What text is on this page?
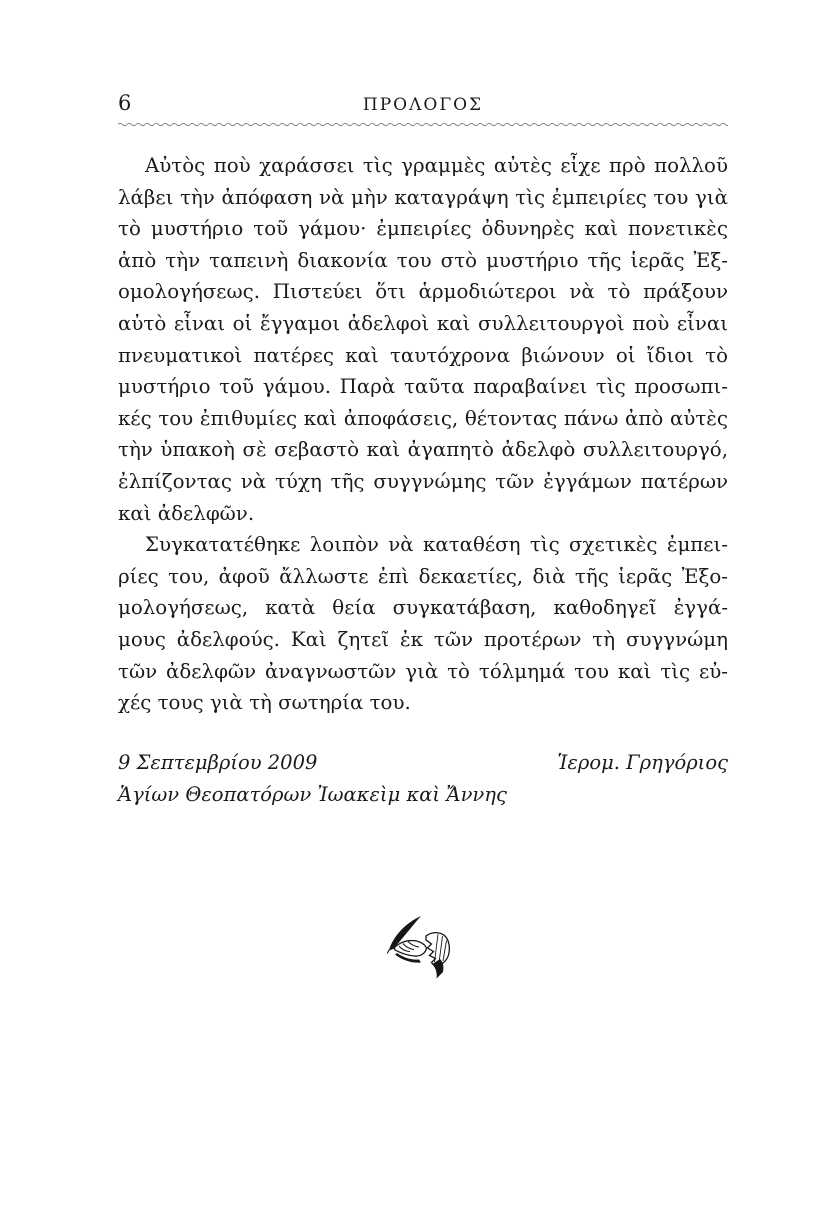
6	ΠΡΟΛΟΓΟΣ
Αὐτὸς ποὺ χαράσσει τὶς γραμμὲς αὐτὲς εἶχε πρὸ πολλοῦ
λάβει τὴν ἀπόφαση νὰ μὴν καταγράψη τὶς ἐμπειρίες του γιὰ
τὸ μυστήριο τοῦ γάμου· ἐμπειρίες ὀδυνηρὲς καὶ πονετικὲς
ἀπὸ τὴν ταπεινὴ διακονία του στὸ μυστήριο τῆς ἱερᾶς Ἐξ-
ομολογήσεως. Πιστεύει ὅτι ἁρμοδιώτεροι νὰ τὸ πράξουν
αὐτὸ εἶναι οἱ ἔγγαμοι ἀδελφοὶ καὶ συλλειτουργοὶ ποὺ εἶναι
πνευματικοὶ πατέρες καὶ ταυτόχρονα βιώνουν οἱ ἴδιοι τὸ
μυστήριο τοῦ γάμου. Παρὰ ταῦτα παραβαίνει τὶς προσωπι-
κές του ἐπιθυμίες καὶ ἀποφάσεις, θέτοντας πάνω ἀπὸ αὐτὲς
τὴν ὑπακοὴ σὲ σεβαστὸ καὶ ἀγαπητὸ ἀδελφὸ συλλειτουργό,
ἐλπίζοντας νὰ τύχη τῆς συγγνώμης τῶν ἐγγάμων πατέρων
καὶ ἀδελφῶν.
Συγκατατέθηκε λοιπὸν νὰ καταθέση τὶς σχετικὲς ἐμπει-
ρίες του, ἀφοῦ ἄλλωστε ἐπὶ δεκαετίες, διὰ τῆς ἱερᾶς Ἐξο-
μολογήσεως, κατὰ θεία συγκατάβαση, καθοδηγεῖ ἐγγά-
μους ἀδελφούς. Καὶ ζητεῖ ἐκ τῶν προτέρων τὴ συγγνώμη
τῶν ἀδελφῶν ἀναγνωστῶν γιὰ τὸ τόλμημά του καὶ τὶς εὐ-
χές τους γιὰ τὴ σωτηρία του.
9 Σεπτεμβρίου 2009	Ἱερομ. Γρηγόριος
Ἁγίων Θεοπατόρων Ἰωακεὶμ καὶ Ἄννης
